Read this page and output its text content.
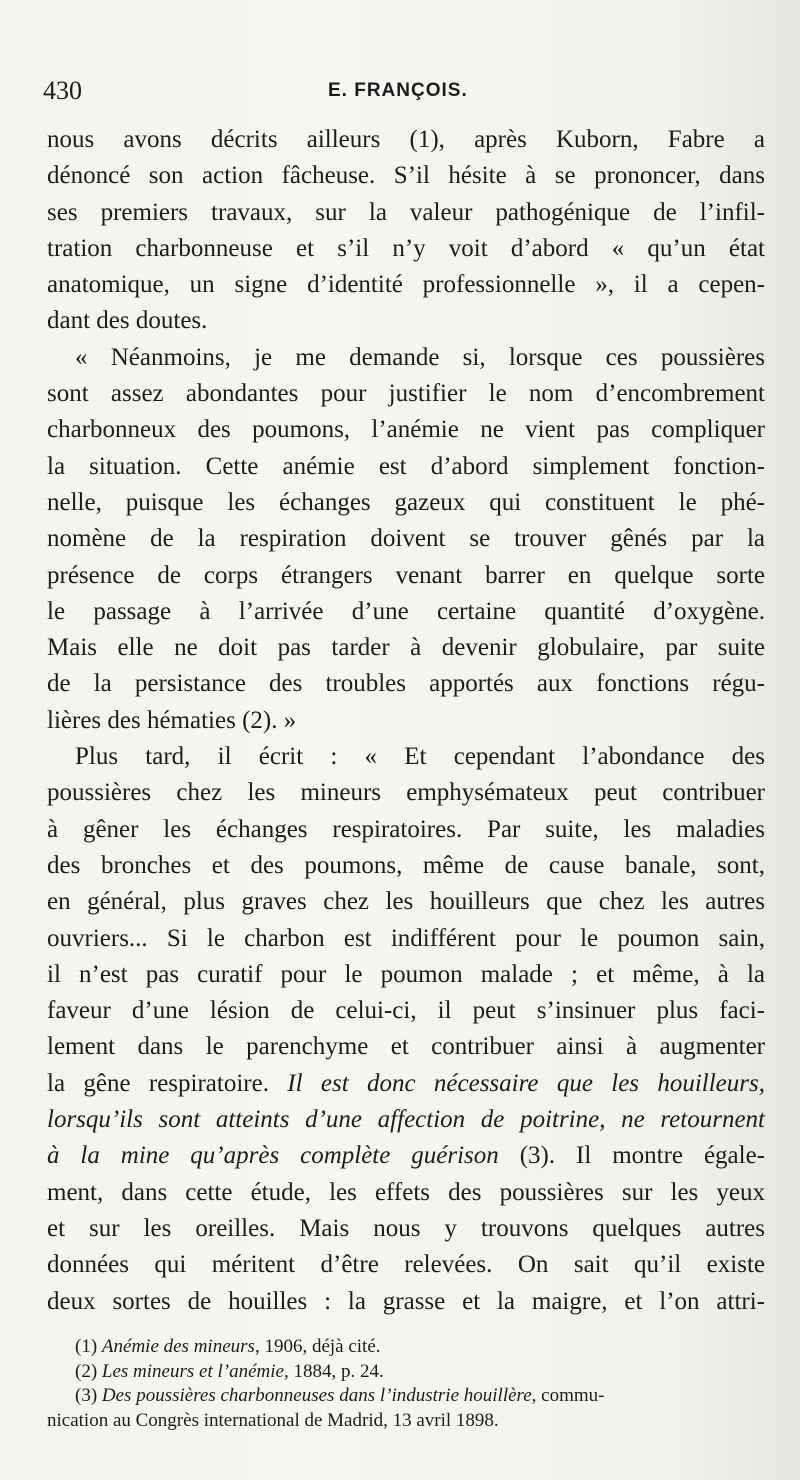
430	E. FRANÇOIS.
nous avons décrits ailleurs (1), après Kuborn, Fabre a
dénoncé son action fâcheuse. S’il hésite à se prononcer, dans
ses premiers travaux, sur la valeur pathogénique de l’infil-
tration charbonneuse et s’il n’y voit d’abord « qu’un état
anatomique, un signe d’identité professionnelle », il a cepen-
dant des doutes.
« Néanmoins, je me demande si, lorsque ces poussières
sont assez abondantes pour justifier le nom d’encombrement
charbonneux des poumons, l’anémie ne vient pas compliquer
la situation. Cette anémie est d’abord simplement fonction-
nelle, puisque les échanges gazeux qui constituent le phé-
nomène de la respiration doivent se trouver gênés par la
présence de corps étrangers venant barrer en quelque sorte
le passage à l’arrivée d’une certaine quantité d’oxygène.
Mais elle ne doit pas tarder à devenir globulaire, par suite
de la persistance des troubles apportés aux fonctions régu-
lières des hématies (2). »
Plus tard, il écrit : « Et cependant l’abondance des
poussières chez les mineurs emphysémateux peut contribuer
à gêner les échanges respiratoires. Par suite, les maladies
des bronches et des poumons, même de cause banale, sont,
en général, plus graves chez les houilleurs que chez les autres
ouvriers... Si le charbon est indifférent pour le poumon sain,
il n’est pas curatif pour le poumon malade ; et même, à la
faveur d’une lésion de celui-ci, il peut s’insinuer plus faci-
lement dans le parenchyme et contribuer ainsi à augmenter
la gêne respiratoire. Il est donc nécessaire que les houilleurs,
lorsqu’ils sont atteints d’une affection de poitrine, ne retournent
à la mine qu’après complète guérison (3). Il montre égale-
ment, dans cette étude, les effets des poussières sur les yeux
et sur les oreilles. Mais nous y trouvons quelques autres
données qui méritent d’être relevées. On sait qu’il existe
deux sortes de houilles : la grasse et la maigre, et l’on attri-
(1) Anémie des mineurs, 1906, déjà cité.
(2) Les mineurs et l’anémie, 1884, p. 24.
(3) Des poussières charbonneuses dans l’industrie houillère, commu-
nication au Congrès international de Madrid, 13 avril 1898.
